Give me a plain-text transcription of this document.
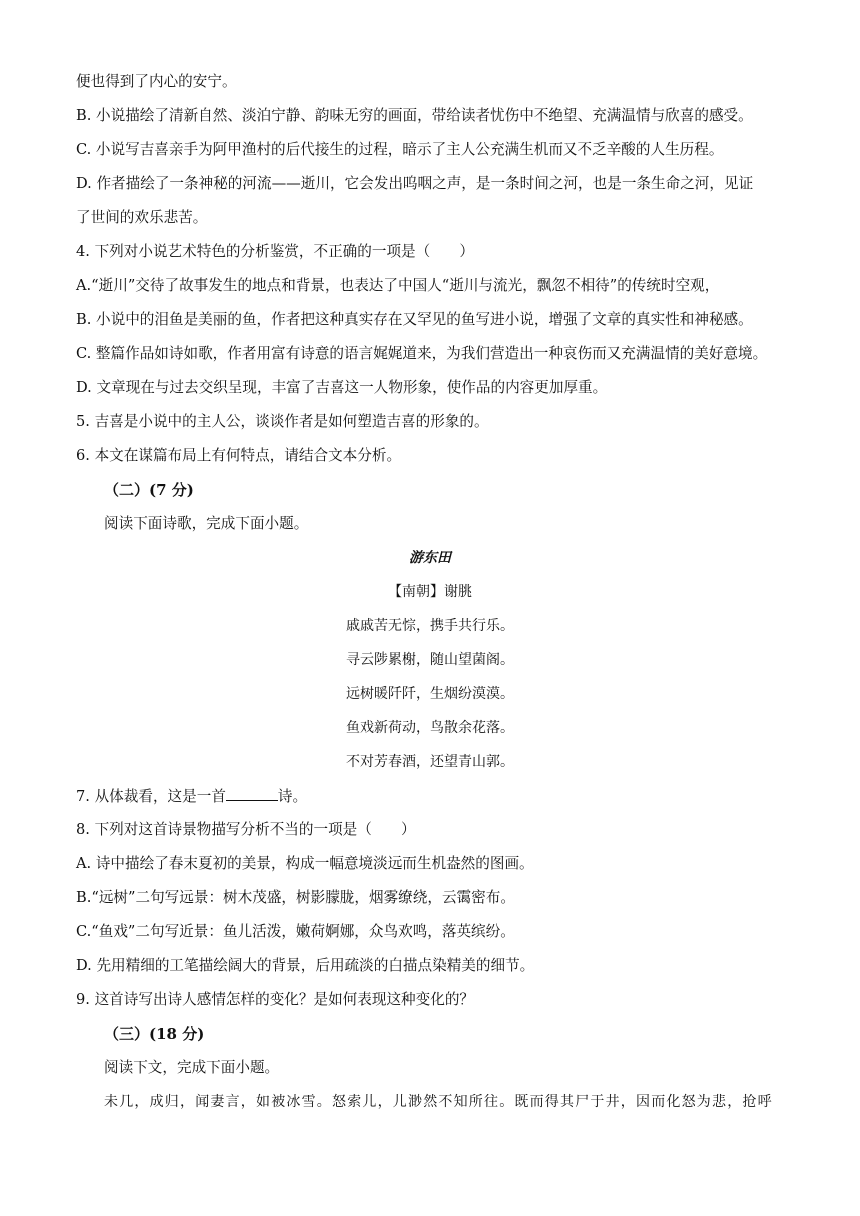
便也得到了内心的安宁。
B. 小说描绘了清新自然、淡泊宁静、韵味无穷的画面，带给读者忧伤中不绝望、充满温情与欣喜的感受。
C. 小说写吉喜亲手为阿甲渔村的后代接生的过程，暗示了主人公充满生机而又不乏辛酸的人生历程。
D. 作者描绘了一条神秘的河流——逝川，它会发出呜咽之声，是一条时间之河，也是一条生命之河，见证
了世间的欢乐悲苦。
4. 下列对小说艺术特色的分析鉴赏，不正确的一项是（　　）
A.“逝川”交待了故事发生的地点和背景，也表达了中国人“逝川与流光，飘忽不相待”的传统时空观，
B. 小说中的泪鱼是美丽的鱼，作者把这种真实存在又罕见的鱼写进小说，增强了文章的真实性和神秘感。
C. 整篇作品如诗如歌，作者用富有诗意的语言娓娓道来，为我们营造出一种哀伤而又充满温情的美好意境。
D. 文章现在与过去交织呈现，丰富了吉喜这一人物形象，使作品的内容更加厚重。
5. 吉喜是小说中的主人公，谈谈作者是如何塑造吉喜的形象的。
6. 本文在谋篇布局上有何特点，请结合文本分析。
（二）(7 分)
阅读下面诗歌，完成下面小题。
游东田
【南朝】谢朓
戚戚苦无悰，携手共行乐。
寻云陟累榭，随山望菌阁。
远树暖阡阡，生烟纷漠漠。
鱼戏新荷动，鸟散余花落。
不对芳春酒，还望青山郭。
7. 从体裁看，这是一首	诗。
8. 下列对这首诗景物描写分析不当的一项是（　　）
A. 诗中描绘了春末夏初的美景，构成一幅意境淡远而生机盎然的图画。
B.“远树”二句写远景：树木茂盛，树影朦胧，烟雾缭绕，云霭密布。
C.“鱼戏”二句写近景：鱼儿活泼，嫩荷婀娜，众鸟欢鸣，落英缤纷。
D. 先用精细的工笔描绘阔大的背景，后用疏淡的白描点染精美的细节。
9. 这首诗写出诗人感情怎样的变化？是如何表现这种变化的？
（三）(18 分)
阅读下文，完成下面小题。
未几，成归，闻妻言，如被冰雪。怒索儿，儿渺然不知所往。既而得其尸于井，因而化怒为悲，抢呼
